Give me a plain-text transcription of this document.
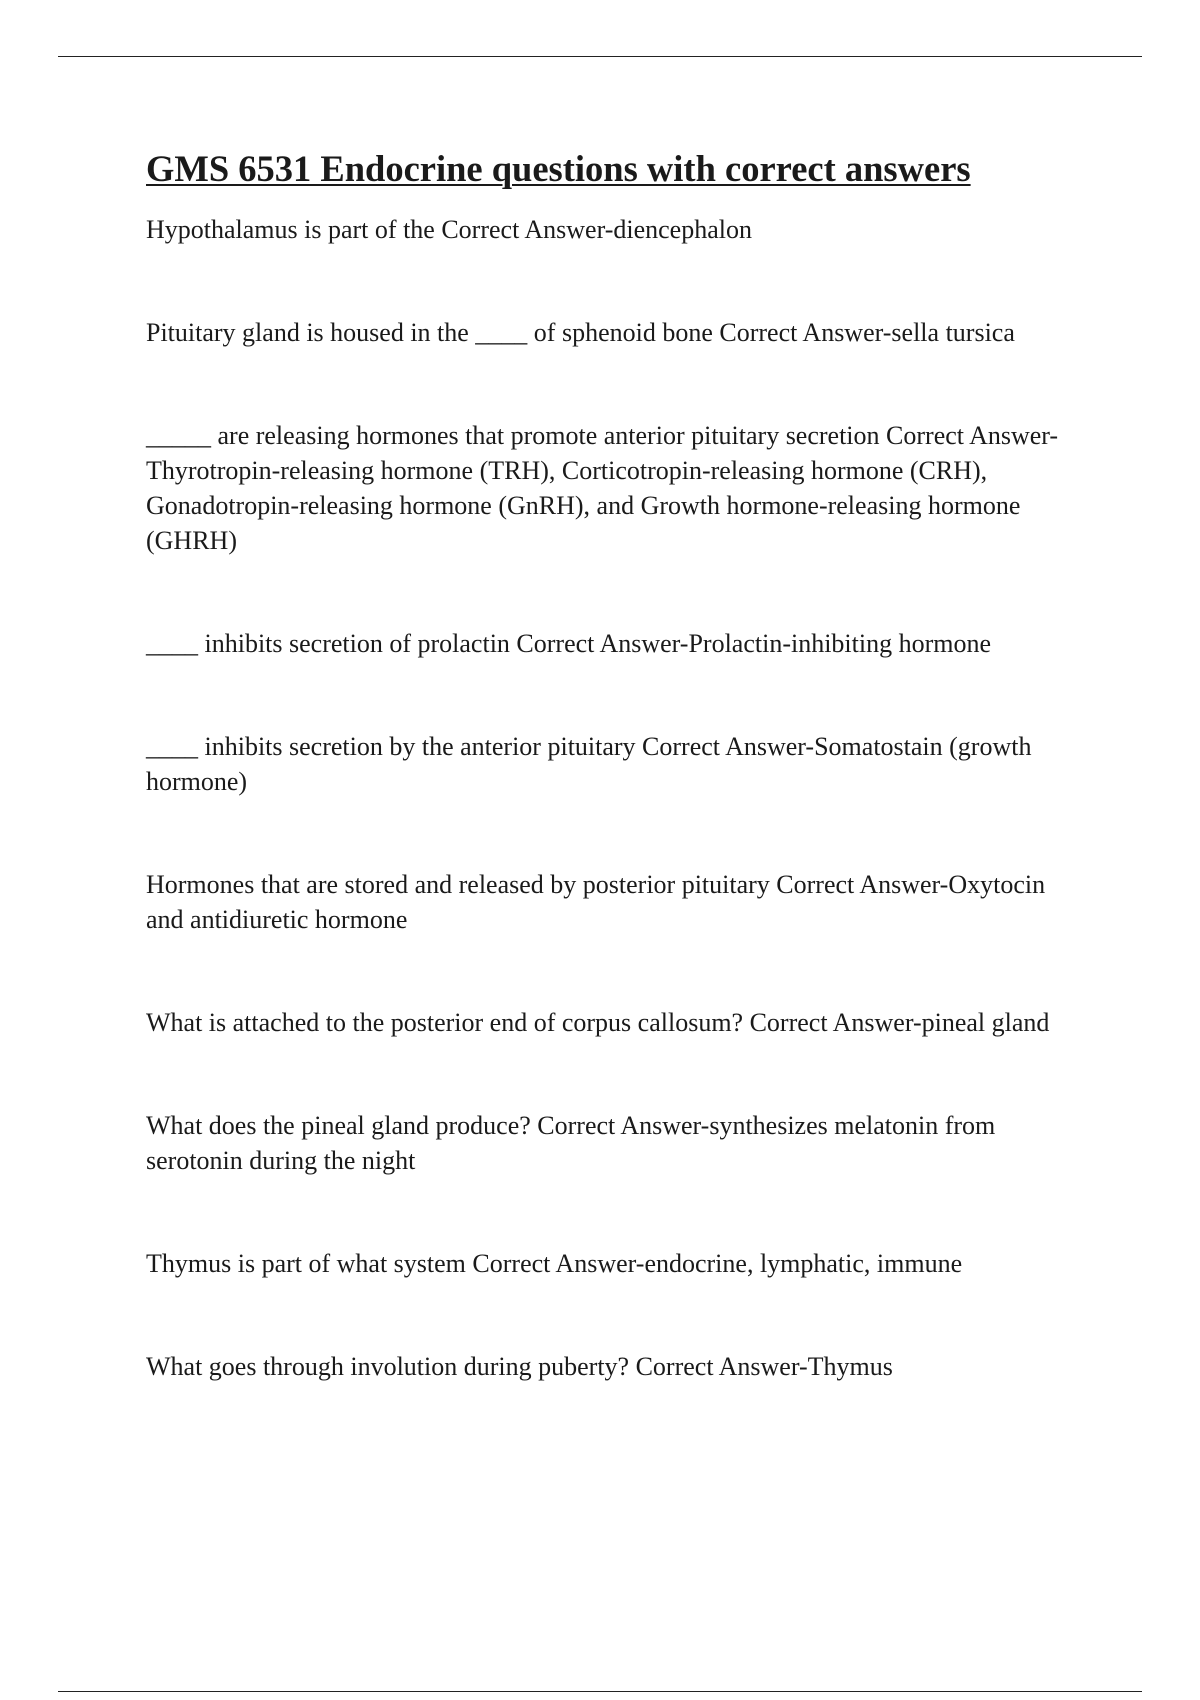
GMS 6531 Endocrine questions with correct answers

Hypothalamus is part of the Correct Answer-diencephalon

Pituitary gland is housed in the ____ of sphenoid bone Correct Answer-sella tursica

_____ are releasing hormones that promote anterior pituitary secretion Correct Answer-Thyrotropin-releasing hormone (TRH), Corticotropin-releasing hormone (CRH), Gonadotropin-releasing hormone (GnRH), and Growth hormone-releasing hormone (GHRH)

____ inhibits secretion of prolactin Correct Answer-Prolactin-inhibiting hormone

____ inhibits secretion by the anterior pituitary Correct Answer-Somatostain (growth hormone)

Hormones that are stored and released by posterior pituitary Correct Answer-Oxytocin and antidiuretic hormone

What is attached to the posterior end of corpus callosum? Correct Answer-pineal gland

What does the pineal gland produce? Correct Answer-synthesizes melatonin from serotonin during the night

Thymus is part of what system Correct Answer-endocrine, lymphatic, immune

What goes through involution during puberty? Correct Answer-Thymus
